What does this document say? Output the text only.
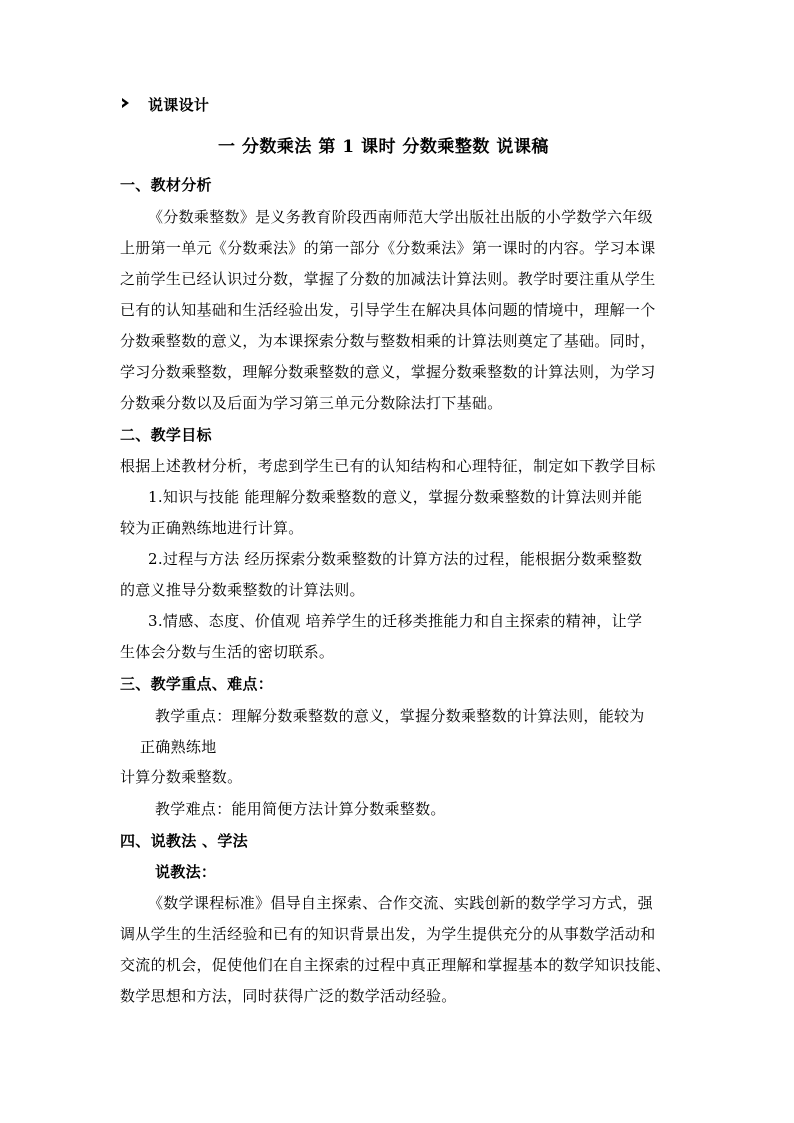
说课设计
一 分数乘法 第 1 课时 分数乘整数 说课稿
一、教材分析
《分数乘整数》是义务教育阶段西南师范大学出版社出版的小学数学六年级
上册第一单元《分数乘法》的第一部分《分数乘法》第一课时的内容。学习本课
之前学生已经认识过分数，掌握了分数的加减法计算法则。教学时要注重从学生
已有的认知基础和生活经验出发，引导学生在解决具体问题的情境中，理解一个
分数乘整数的意义，为本课探索分数与整数相乘的计算法则奠定了基础。同时，
学习分数乘整数，理解分数乘整数的意义，掌握分数乘整数的计算法则，为学习
分数乘分数以及后面为学习第三单元分数除法打下基础。
二、教学目标
根据上述教材分析，考虑到学生已有的认知结构和心理特征，制定如下教学目标
1.知识与技能 能理解分数乘整数的意义，掌握分数乘整数的计算法则并能
较为正确熟练地进行计算。
2.过程与方法 经历探索分数乘整数的计算方法的过程，能根据分数乘整数
的意义推导分数乘整数的计算法则。
3.情感、态度、价值观 培养学生的迁移类推能力和自主探索的精神，让学
生体会分数与生活的密切联系。
三、教学重点、难点：
教学重点：理解分数乘整数的意义，掌握分数乘整数的计算法则，能较为
正确熟练地
计算分数乘整数。
教学难点：能用简便方法计算分数乘整数。
四、说教法 、学法
说教法：
《数学课程标准》倡导自主探索、合作交流、实践创新的数学学习方式，强
调从学生的生活经验和已有的知识背景出发，为学生提供充分的从事数学活动和
交流的机会，促使他们在自主探索的过程中真正理解和掌握基本的数学知识技能、
数学思想和方法，同时获得广泛的数学活动经验。
